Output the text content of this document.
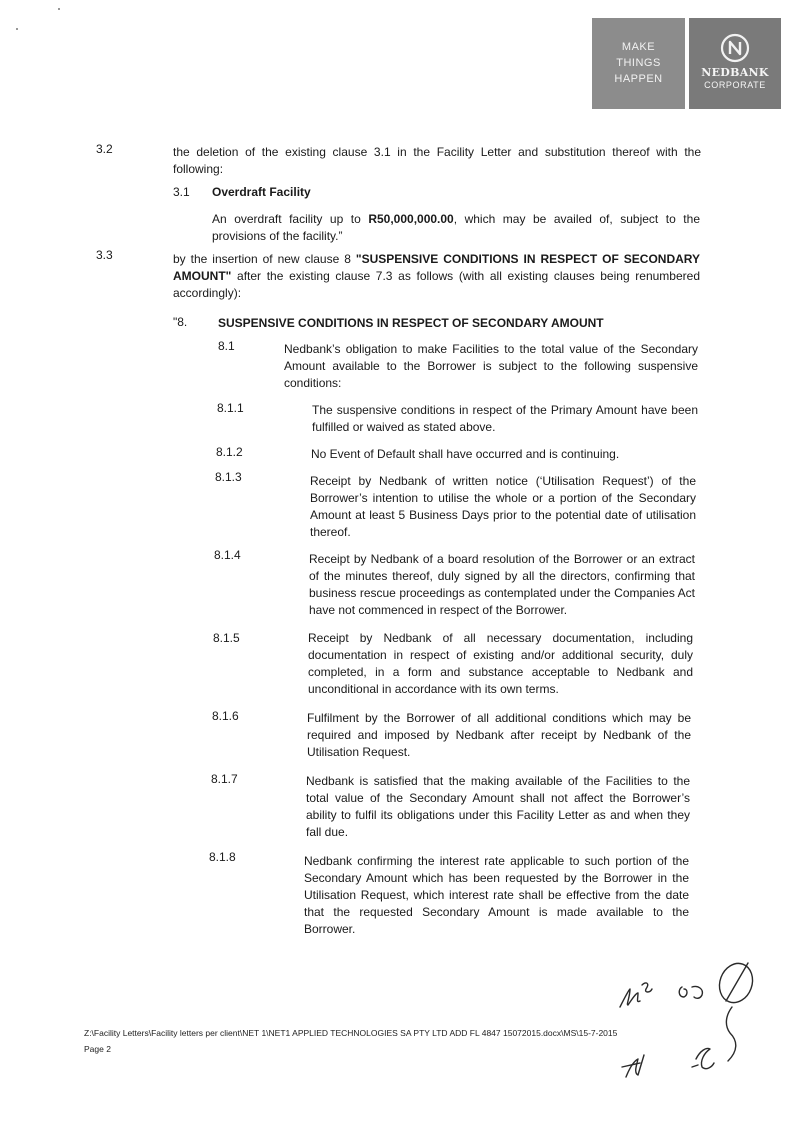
MAKE
THINGS
HAPPEN	NEDBANK
CORPORATE
3.2	the deletion of the existing clause 3.1 in the Facility Letter and substitution thereof with the following:

3.1 Overdraft Facility

An overdraft facility up to R50,000,000.00, which may be availed of, subject to the provisions of the facility.”

3.3	by the insertion of new clause 8 "SUSPENSIVE CONDITIONS IN RESPECT OF SECONDARY AMOUNT" after the existing clause 7.3 as follows (with all existing clauses being renumbered accordingly):

"8.	SUSPENSIVE CONDITIONS IN RESPECT OF SECONDARY AMOUNT
8.1	Nedbank’s obligation to make Facilities to the total value of the Secondary Amount available to the Borrower is subject to the following suspensive conditions:

8.1.1	The suspensive conditions in respect of the Primary Amount have been fulfilled or waived as stated above.

8.1.2	No Event of Default shall have occurred and is continuing.

8.1.3	Receipt by Nedbank of written notice (‘Utilisation Request’) of the Borrower’s intention to utilise the whole or a portion of the Secondary Amount at least 5 Business Days prior to the potential date of utilisation thereof.

8.1.4	Receipt by Nedbank of a board resolution of the Borrower or an extract of the minutes thereof, duly signed by all the directors, confirming that business rescue proceedings as contemplated under the Companies Act have not commenced in respect of the Borrower.

8.1.5	Receipt by Nedbank of all necessary documentation, including documentation in respect of existing and/or additional security, duly completed, in a form and substance acceptable to Nedbank and unconditional in accordance with its own terms.

8.1.6	Fulfilment by the Borrower of all additional conditions which may be required and imposed by Nedbank after receipt by Nedbank of the Utilisation Request.

8.1.7	Nedbank is satisfied that the making available of the Facilities to the total value of the Secondary Amount shall not affect the Borrower’s ability to fulfil its obligations under this Facility Letter as and when they fall due.

8.1.8	Nedbank confirming the interest rate applicable to such portion of the Secondary Amount which has been requested by the Borrower in the Utilisation Request, which interest rate shall be effective from the date that the requested Secondary Amount is made available to the Borrower.

Z:\Facility Letters\Facility letters per client\NET 1\NET1 APPLIED TECHNOLOGIES SA PTY LTD ADD FL 4847 15072015.docx\MS\15-7-2015
Page 2
